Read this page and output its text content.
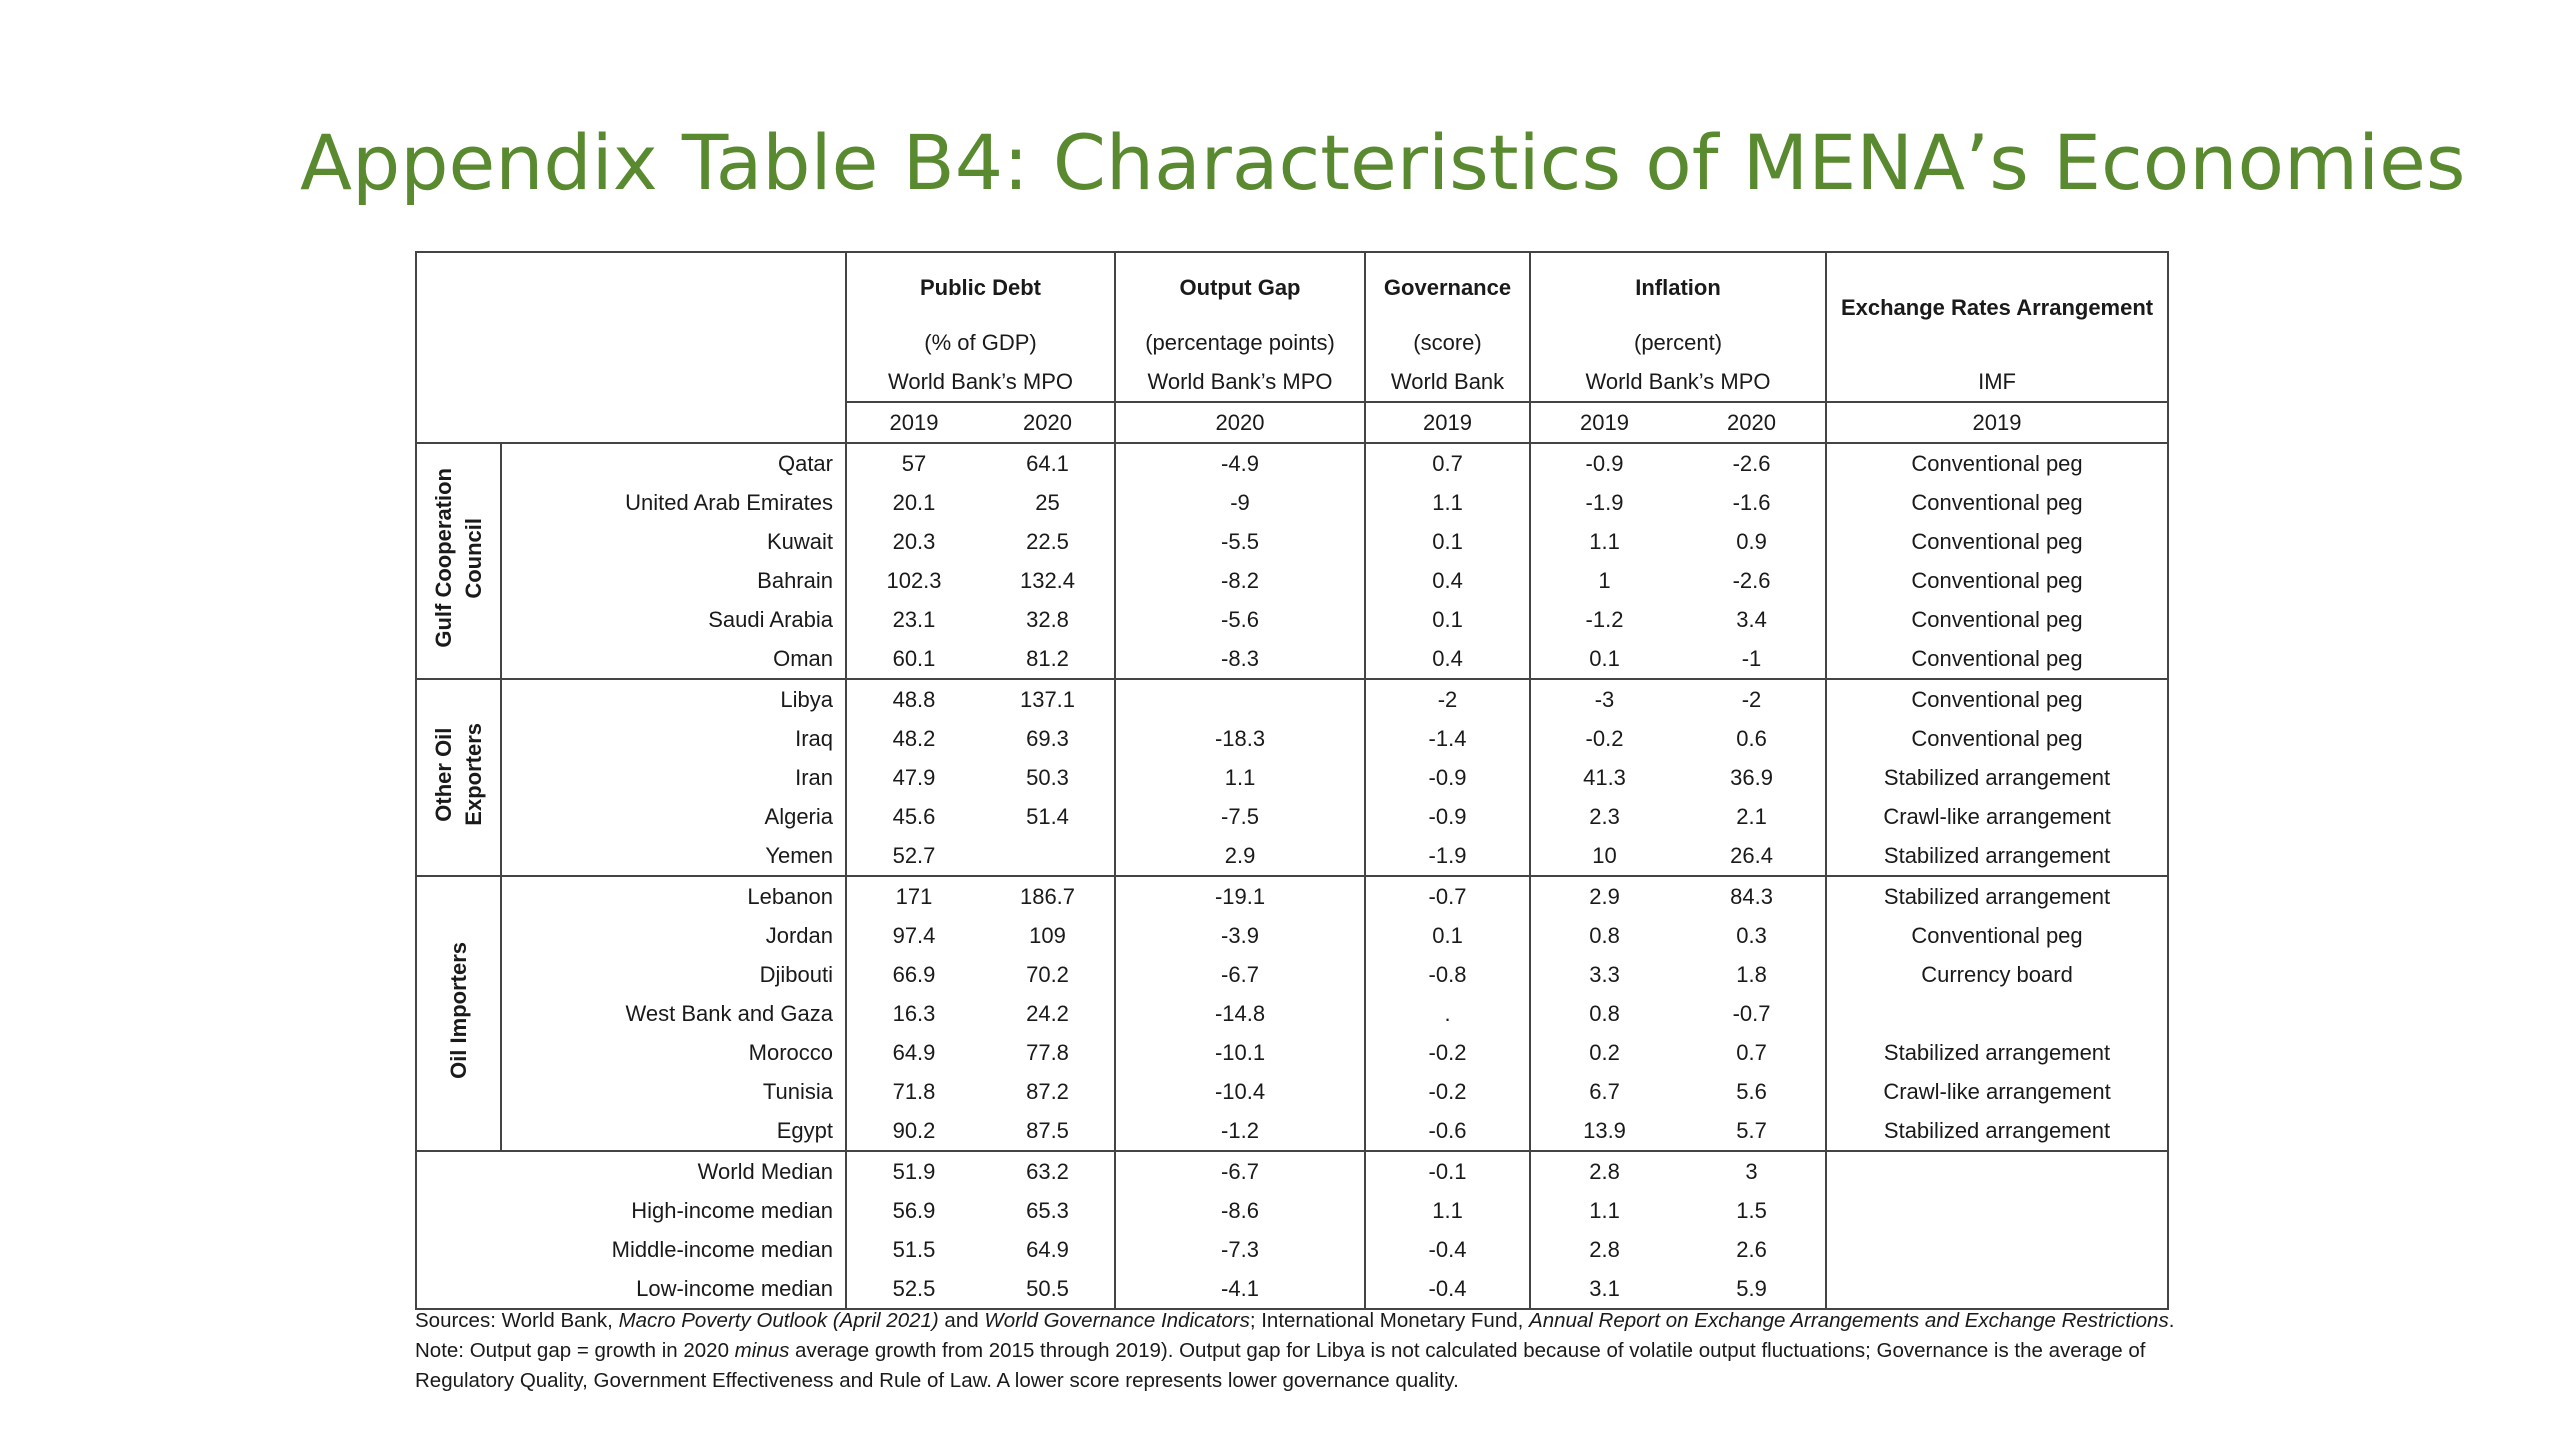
Appendix Table B4: Characteristics of MENA’s Economies
		Public Debt		Output Gap	Governance	Inflation		Exchange Rates Arrangement
		(% of GDP)		(percentage points)	(score)	(percent)		
		World Bank’s MPO		World Bank’s MPO	World Bank	World Bank’s MPO		IMF
		2019	2020	2020	2019	2019	2020	2019
Gulf Cooperation
Council	Qatar	57	64.1	-4.9	0.7	-0.9	-2.6	Conventional peg
	United Arab Emirates	20.1	25	-9	1.1	-1.9	-1.6	Conventional peg
	Kuwait	20.3	22.5	-5.5	0.1	1.1	0.9	Conventional peg
	Bahrain	102.3	132.4	-8.2	0.4	1	-2.6	Conventional peg
	Saudi Arabia	23.1	32.8	-5.6	0.1	-1.2	3.4	Conventional peg
	Oman	60.1	81.2	-8.3	0.4	0.1	-1	Conventional peg
Other Oil
Exporters	Libya	48.8	137.1		-2	-3	-2	Conventional peg
	Iraq	48.2	69.3	-18.3	-1.4	-0.2	0.6	Conventional peg
	Iran	47.9	50.3	1.1	-0.9	41.3	36.9	Stabilized arrangement
	Algeria	45.6	51.4	-7.5	-0.9	2.3	2.1	Crawl-like arrangement
	Yemen	52.7		2.9	-1.9	10	26.4	Stabilized arrangement
Oil Importers	Lebanon	171	186.7	-19.1	-0.7	2.9	84.3	Stabilized arrangement
	Jordan	97.4	109	-3.9	0.1	0.8	0.3	Conventional peg
	Djibouti	66.9	70.2	-6.7	-0.8	3.3	1.8	Currency board
	West Bank and Gaza	16.3	24.2	-14.8	.	0.8	-0.7	
	Morocco	64.9	77.8	-10.1	-0.2	0.2	0.7	Stabilized arrangement
	Tunisia	71.8	87.2	-10.4	-0.2	6.7	5.6	Crawl-like arrangement
	Egypt	90.2	87.5	-1.2	-0.6	13.9	5.7	Stabilized arrangement
World Median		51.9	63.2	-6.7	-0.1	2.8	3	
High-income median		56.9	65.3	-8.6	1.1	1.1	1.5	
Middle-income median		51.5	64.9	-7.3	-0.4	2.8	2.6	
Low-income median		52.5	50.5	-4.1	-0.4	3.1	5.9	

Sources: World Bank, Macro Poverty Outlook (April 2021) and World Governance Indicators; International Monetary Fund, Annual Report on Exchange Arrangements and Exchange Restrictions.

Note: Output gap = growth in 2020 minus average growth from 2015 through 2019). Output gap for Libya is not calculated because of volatile output fluctuations; Governance is the average of Regulatory Quality, Government Effectiveness and Rule of Law. A lower score represents lower governance quality.
